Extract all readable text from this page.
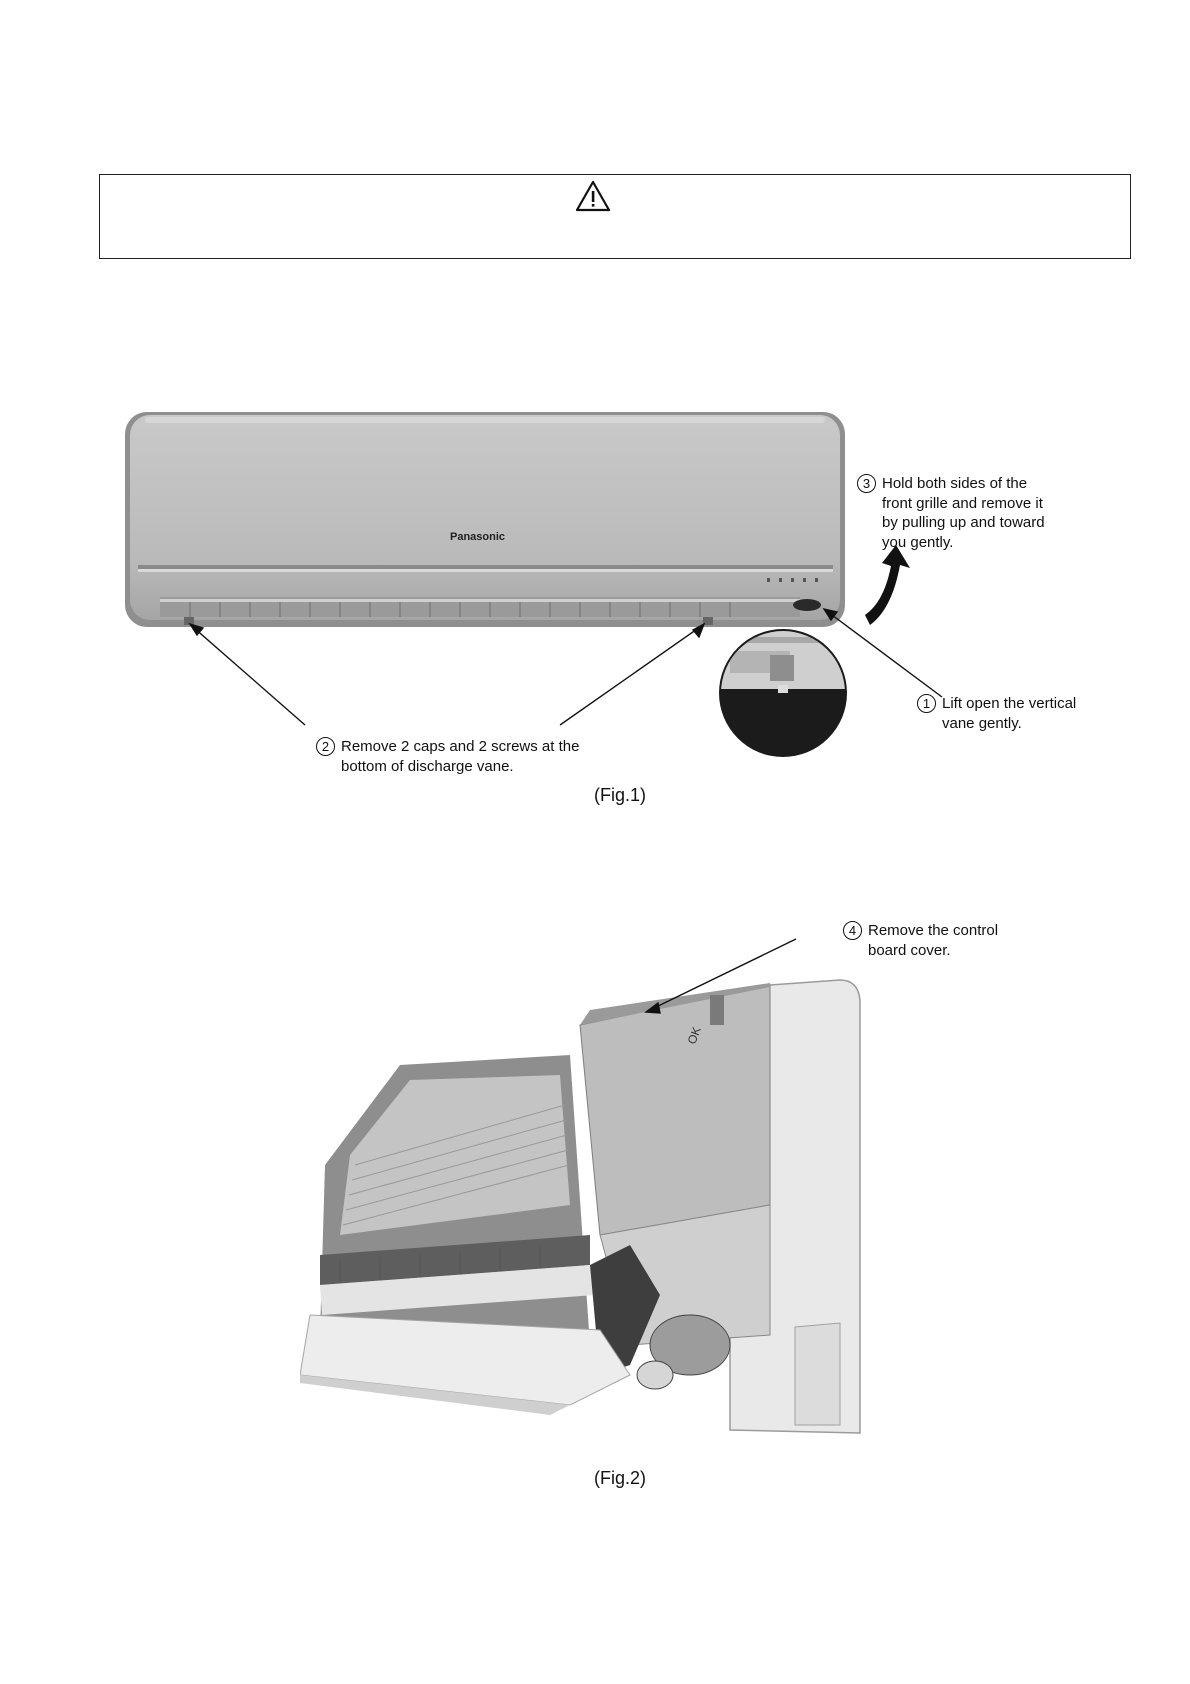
Panasonic
3 Hold both sides of the
front grille and remove it
by pulling up and toward
you gently.
1 Lift open the vertical
vane gently.
2 Remove 2 caps and 2 screws at the
bottom of discharge vane.
(Fig.1)
OK
4 Remove the control
board cover.
(Fig.2)
